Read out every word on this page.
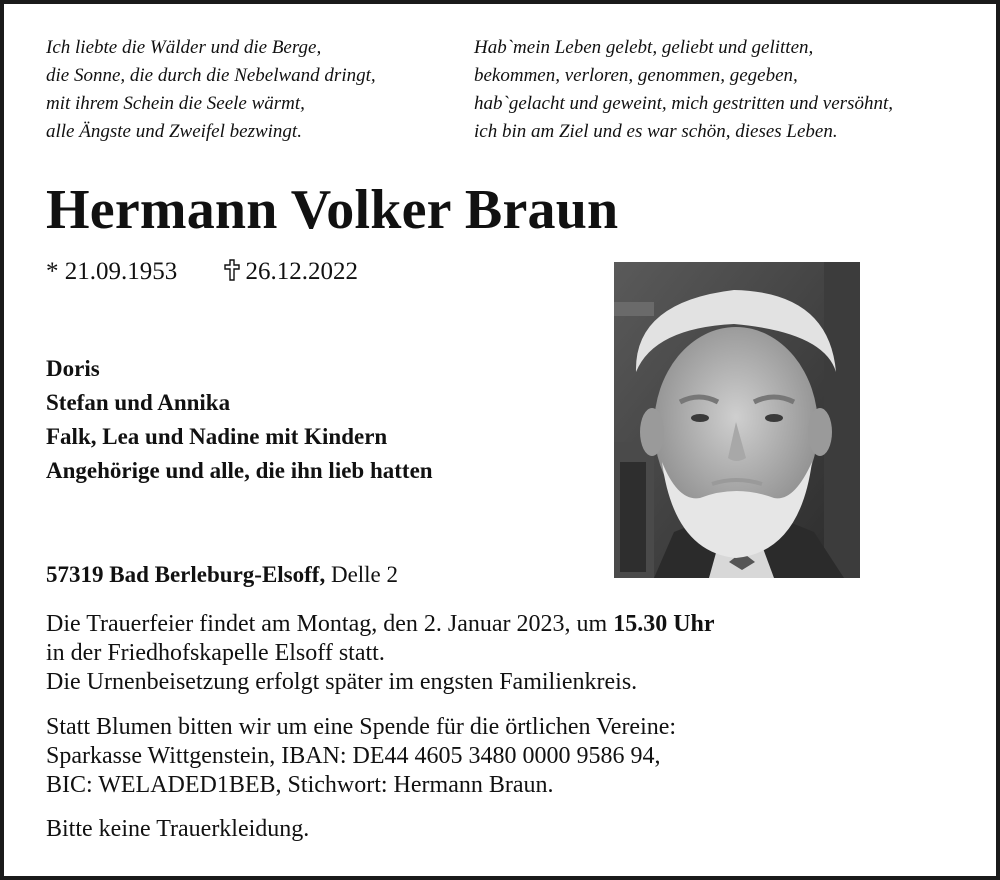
Ich liebte die Wälder und die Berge,
die Sonne, die durch die Nebelwand dringt,
mit ihrem Schein die Seele wärmt,
alle Ängste und Zweifel bezwingt.
Hab`mein Leben gelebt, geliebt und gelitten,
bekommen, verloren, genommen, gegeben,
hab`gelacht und geweint, mich gestritten und versöhnt,
ich bin am Ziel und es war schön, dieses Leben.
Hermann Volker Braun
* 21.09.1953	26.12.2022
Doris
Stefan und Annika
Falk, Lea und Nadine mit Kindern
Angehörige und alle, die ihn lieb hatten
57319 Bad Berleburg-Elsoff, Delle 2
Die Trauerfeier findet am Montag, den 2. Januar 2023, um 15.30 Uhr
in der Friedhofskapelle Elsoff statt.
Die Urnenbeisetzung erfolgt später im engsten Familienkreis.
Statt Blumen bitten wir um eine Spende für die örtlichen Vereine:
Sparkasse Wittgenstein, IBAN: DE44 4605 3480 0000 9586 94,
BIC: WELADED1BEB, Stichwort: Hermann Braun.
Bitte keine Trauerkleidung.
